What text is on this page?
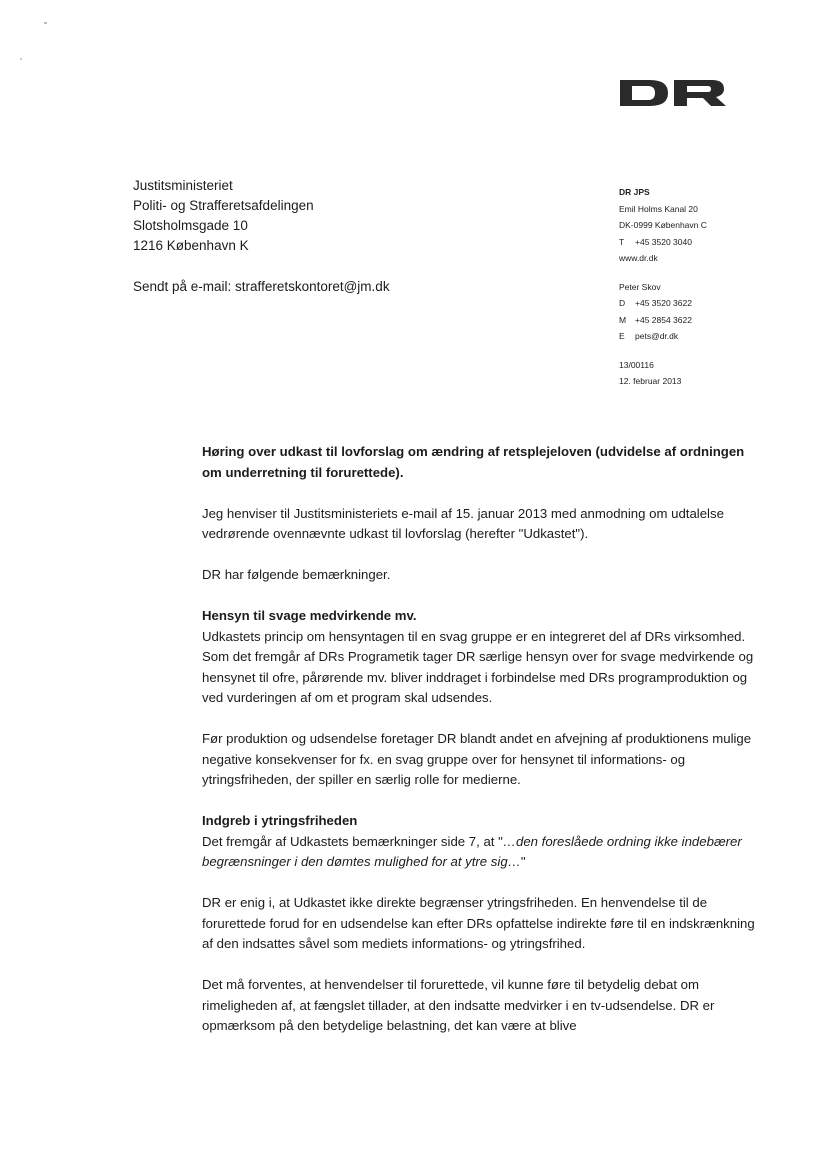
Justitsministeriet
Politi- og Strafferetsafdelingen
Slotsholmsgade 10
1216 København K
Sendt på e-mail: strafferetskontoret@jm.dk
DR JPS
Emil Holms Kanal 20
DK-0999 København C
T +45 3520 3040
www.dr.dk
Peter Skov
D +45 3520 3622
M +45 2854 3622
E pets@dr.dk
13/00116
12. februar 2013

Høring over udkast til lovforslag om ændring af retsplejeloven (udvidelse af ordningen om underretning til forurettede).

Jeg henviser til Justitsministeriets e-mail af 15. januar 2013 med anmodning om udtalelse vedrørende ovennævnte udkast til lovforslag (herefter "Udkastet").

DR har følgende bemærkninger.

Hensyn til svage medvirkende mv.

Udkastets princip om hensyntagen til en svag gruppe er en integreret del af DRs virksomhed. Som det fremgår af DRs Programetik tager DR særlige hensyn over for svage medvirkende og hensynet til ofre, pårørende mv. bliver inddraget i forbindelse med DRs programproduktion og ved vurderingen af om et program skal udsendes.

Før produktion og udsendelse foretager DR blandt andet en afvejning af produktionens mulige negative konsekvenser for fx. en svag gruppe over for hensynet til informations- og ytringsfriheden, der spiller en særlig rolle for medierne.

Indgreb i ytringsfriheden

Det fremgår af Udkastets bemærkninger side 7, at "…den foreslåede ordning ikke indebærer begrænsninger i den dømtes mulighed for at ytre sig…"

DR er enig i, at Udkastet ikke direkte begrænser ytringsfriheden. En henvendelse til de forurettede forud for en udsendelse kan efter DRs opfattelse indirekte føre til en indskrænkning af den indsattes såvel som mediets informations- og ytringsfrihed.

Det må forventes, at henvendelser til forurettede, vil kunne føre til betydelig debat om rimeligheden af, at fængslet tillader, at den indsatte medvirker i en tv-udsendelse. DR er opmærksom på den betydelige belastning, det kan være at blive
